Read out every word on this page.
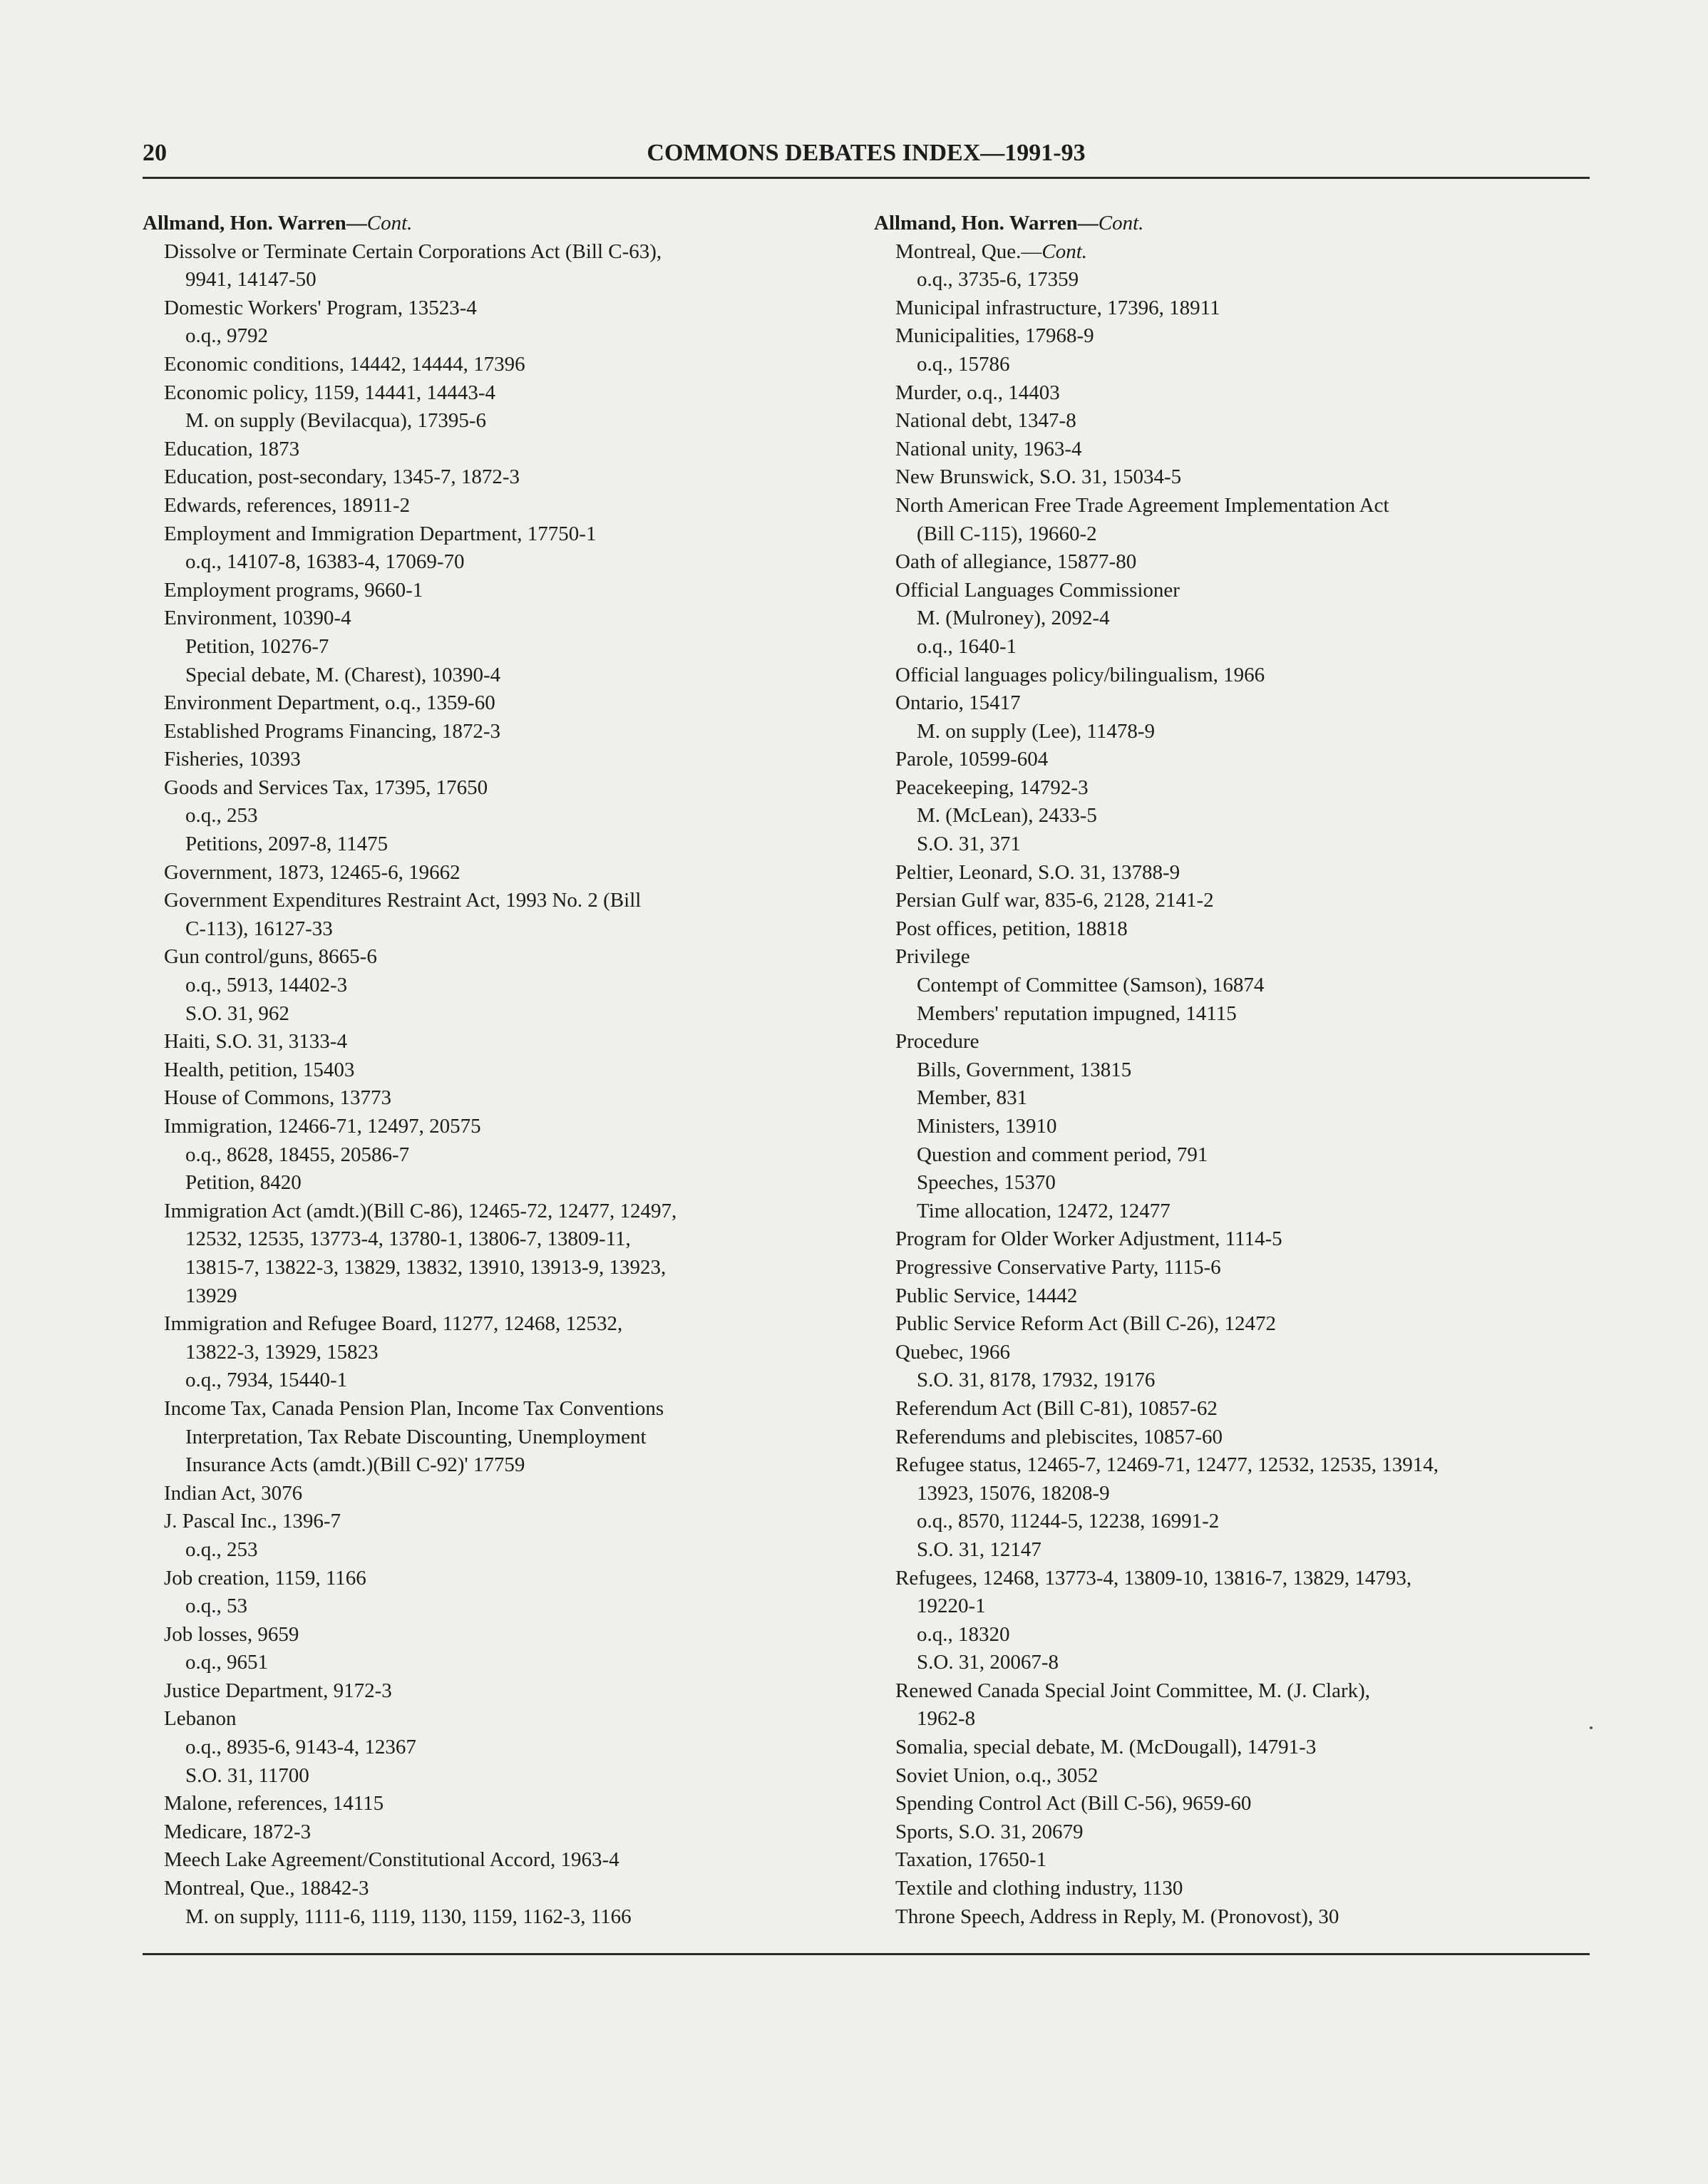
20	COMMONS DEBATES INDEX—1991-93
Allmand, Hon. Warren—Cont.
Dissolve or Terminate Certain Corporations Act (Bill C-63),
9941, 14147-50
Domestic Workers' Program, 13523-4
o.q., 9792
Economic conditions, 14442, 14444, 17396
Economic policy, 1159, 14441, 14443-4
M. on supply (Bevilacqua), 17395-6
Education, 1873
Education, post-secondary, 1345-7, 1872-3
Edwards, references, 18911-2
Employment and Immigration Department, 17750-1
o.q., 14107-8, 16383-4, 17069-70
Employment programs, 9660-1
Environment, 10390-4
Petition, 10276-7
Special debate, M. (Charest), 10390-4
Environment Department, o.q., 1359-60
Established Programs Financing, 1872-3
Fisheries, 10393
Goods and Services Tax, 17395, 17650
o.q., 253
Petitions, 2097-8, 11475
Government, 1873, 12465-6, 19662
Government Expenditures Restraint Act, 1993 No. 2 (Bill
C-113), 16127-33
Gun control/guns, 8665-6
o.q., 5913, 14402-3
S.O. 31, 962
Haiti, S.O. 31, 3133-4
Health, petition, 15403
House of Commons, 13773
Immigration, 12466-71, 12497, 20575
o.q., 8628, 18455, 20586-7
Petition, 8420
Immigration Act (amdt.)(Bill C-86), 12465-72, 12477, 12497,
12532, 12535, 13773-4, 13780-1, 13806-7, 13809-11,
13815-7, 13822-3, 13829, 13832, 13910, 13913-9, 13923,
13929
Immigration and Refugee Board, 11277, 12468, 12532,
13822-3, 13929, 15823
o.q., 7934, 15440-1
Income Tax, Canada Pension Plan, Income Tax Conventions
Interpretation, Tax Rebate Discounting, Unemployment
Insurance Acts (amdt.)(Bill C-92)' 17759
Indian Act, 3076
J. Pascal Inc., 1396-7
o.q., 253
Job creation, 1159, 1166
o.q., 53
Job losses, 9659
o.q., 9651
Justice Department, 9172-3
Lebanon
o.q., 8935-6, 9143-4, 12367
S.O. 31, 11700
Malone, references, 14115
Medicare, 1872-3
Meech Lake Agreement/Constitutional Accord, 1963-4
Montreal, Que., 18842-3
M. on supply, 1111-6, 1119, 1130, 1159, 1162-3, 1166
Allmand, Hon. Warren—Cont.
Montreal, Que.—Cont.
o.q., 3735-6, 17359
Municipal infrastructure, 17396, 18911
Municipalities, 17968-9
o.q., 15786
Murder, o.q., 14403
National debt, 1347-8
National unity, 1963-4
New Brunswick, S.O. 31, 15034-5
North American Free Trade Agreement Implementation Act
(Bill C-115), 19660-2
Oath of allegiance, 15877-80
Official Languages Commissioner
M. (Mulroney), 2092-4
o.q., 1640-1
Official languages policy/bilingualism, 1966
Ontario, 15417
M. on supply (Lee), 11478-9
Parole, 10599-604
Peacekeeping, 14792-3
M. (McLean), 2433-5
S.O. 31, 371
Peltier, Leonard, S.O. 31, 13788-9
Persian Gulf war, 835-6, 2128, 2141-2
Post offices, petition, 18818
Privilege
Contempt of Committee (Samson), 16874
Members' reputation impugned, 14115
Procedure
Bills, Government, 13815
Member, 831
Ministers, 13910
Question and comment period, 791
Speeches, 15370
Time allocation, 12472, 12477
Program for Older Worker Adjustment, 1114-5
Progressive Conservative Party, 1115-6
Public Service, 14442
Public Service Reform Act (Bill C-26), 12472
Quebec, 1966
S.O. 31, 8178, 17932, 19176
Referendum Act (Bill C-81), 10857-62
Referendums and plebiscites, 10857-60
Refugee status, 12465-7, 12469-71, 12477, 12532, 12535, 13914,
13923, 15076, 18208-9
o.q., 8570, 11244-5, 12238, 16991-2
S.O. 31, 12147
Refugees, 12468, 13773-4, 13809-10, 13816-7, 13829, 14793,
19220-1
o.q., 18320
S.O. 31, 20067-8
Renewed Canada Special Joint Committee, M. (J. Clark),
1962-8
Somalia, special debate, M. (McDougall), 14791-3
Soviet Union, o.q., 3052
Spending Control Act (Bill C-56), 9659-60
Sports, S.O. 31, 20679
Taxation, 17650-1
Textile and clothing industry, 1130
Throne Speech, Address in Reply, M. (Pronovost), 30
